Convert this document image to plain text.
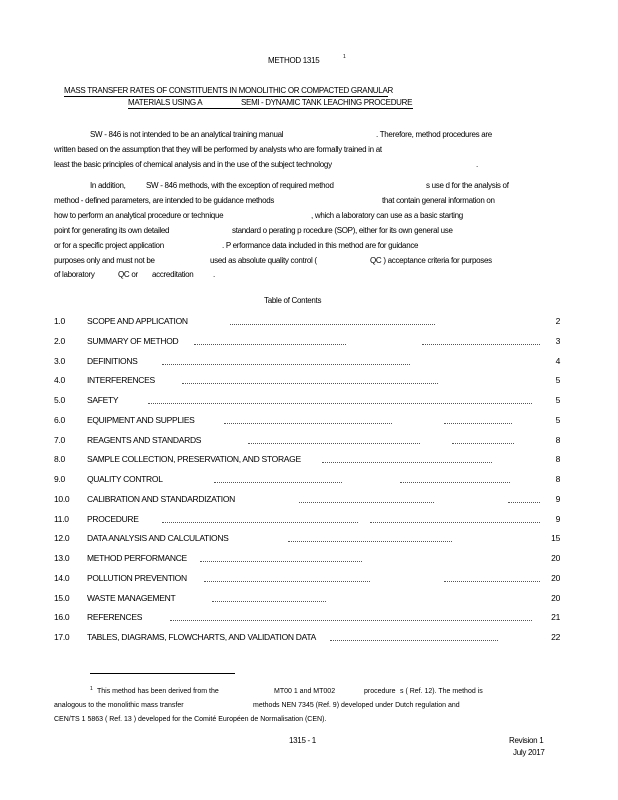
METHOD 1315	1
MASS TRANSFER RATES OF CONSTITUENTS IN MONOLITHIC OR COMPACTED GRANULAR
MATERIALS USING A	SEMI - DYNAMIC TANK LEACHING PROCEDURE
SW - 846 is not intended to be an analytical training manual	. Therefore, method procedures are
written based on the assumption that they will be performed by analysts who are formally trained in at
least the basic principles of chemical analysis and in the use of the subject technology	.
In addition,	SW - 846 methods, with the exception of required method	s use d for the analysis of
method - defined parameters, are intended to be guidance methods	that contain general information on
how to perform an analytical procedure or technique	, which a laboratory can use as a basic starting
point for generating its own detailed	standard o perating p rocedure (SOP), either for its own general use
or for a specific project application	. P erformance data included in this method are for guidance
purposes only and must not be	used as absolute quality control (	QC ) acceptance criteria for purposes
of laboratory	QC or accreditation .
Table of Contents
1.0	SCOPE AND APPLICATION	2
2.0	SUMMARY OF METHOD	3
3.0	DEFINITIONS	4
4.0	INTERFERENCES	5
5.0	SAFETY	5
6.0	EQUIPMENT AND SUPPLIES	5
7.0	REAGENTS AND STANDARDS	8
8.0	SAMPLE COLLECTION, PRESERVATION, AND STORAGE	8
9.0	QUALITY CONTROL	8
10.0 CALIBRATION AND STANDARDIZATION	9
11.0 PROCEDURE	9
12.0 DATA ANALYSIS AND CALCULATIONS	15
13.0 METHOD PERFORMANCE	20
14.0 POLLUTION PREVENTION	20
15.0 WASTE MANAGEMENT	20
16.0 REFERENCES	21
17.0 TABLES, DIAGRAMS, FLOWCHARTS, AND VALIDATION DATA	22
1 This method has been derived from the	MT00 1 and MT002	procedure s ( Ref. 12). The method is
analogous to the monolithic mass transfer	method s NEN 7345 (Ref. 9) developed under Dutch regulation and
CEN/TS 1 5863 ( Ref. 13 ) developed for the Comité Européen de Normalisation (CEN).
1315 - 1	Revision 1
July 2017
